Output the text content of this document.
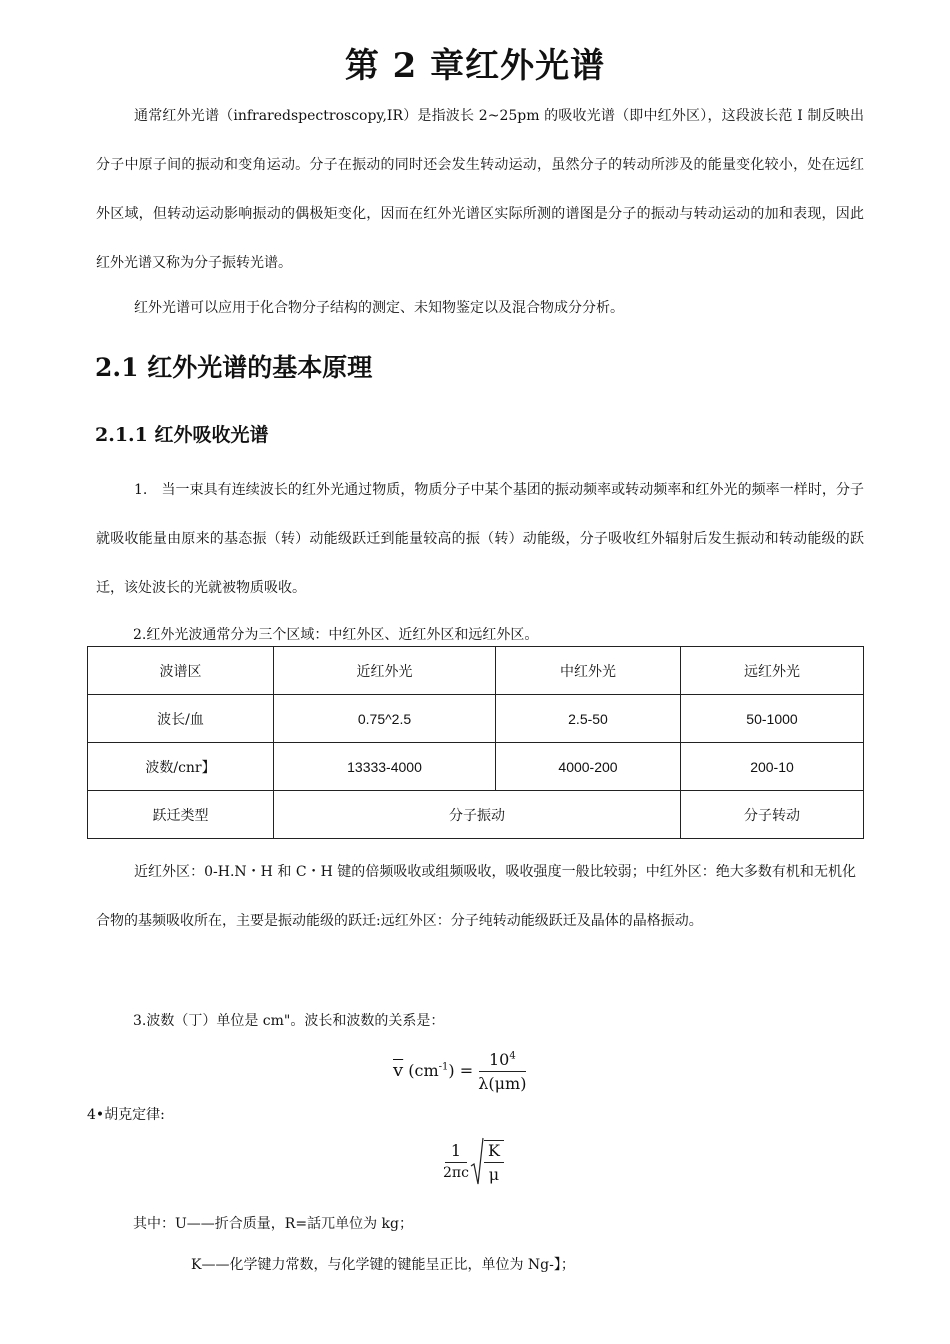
第 2 章红外光谱

通常红外光谱（infraredspectroscopy,IR）是指波长 2~25pm 的吸收光谱（即中红外区），这段波长范 I 制反映出分子中原子间的振动和变角运动。分子在振动的同时还会发生转动运动，虽然分子的转动所涉及的能量变化较小，处在远红外区域，但转动运动影响振动的偶极矩变化，因而在红外光谱区实际所测的谱图是分子的振动与转动运动的加和表现，因此红外光谱又称为分子振转光谱。

红外光谱可以应用于化合物分子结构的测定、未知物鉴定以及混合物成分分析。

2.1 红外光谱的基本原理
2.1.1 红外吸收光谱

1.　当一束具有连续波长的红外光通过物质，物质分子中某个基团的振动频率或转动频率和红外光的频率一样时，分子就吸收能量由原来的基态振（转）动能级跃迁到能量较高的振（转）动能级，分子吸收红外辐射后发生振动和转动能级的跃迁，该处波长的光就被物质吸收。

2.红外光波通常分为三个区域：中红外区、近红外区和远红外区。

波谱区	近红外光	中红外光	远红外光
波长/血	0.75^2.5	2.5-50	50-1000
波数/cnr】	13333-4000	4000-200	200-10
跃迁类型	分子振动		分子转动

近红外区：0-H.N・H 和 C・H 键的倍频吸收或组频吸收，吸收强度一般比较弱；中红外区：绝大多数有机和无机化合物的基频吸收所在，主要是振动能级的跃迁:远红外区：分子纯转动能级跃迁及晶体的晶格振动。

3.波数（丁）单位是 cm"。波长和波数的关系是：

$\overline{v}$ $(cm^{-1}) = \frac{10^4}{\lambda(\mu m)}$

4•胡克定律:

$\frac{1}{2\pi c} \frac{K}{\mu}$

其中：U——折合质量，R=話兀单位为 kg；

K——化学键力常数，与化学键的键能呈正比，单位为 Ng-】；
